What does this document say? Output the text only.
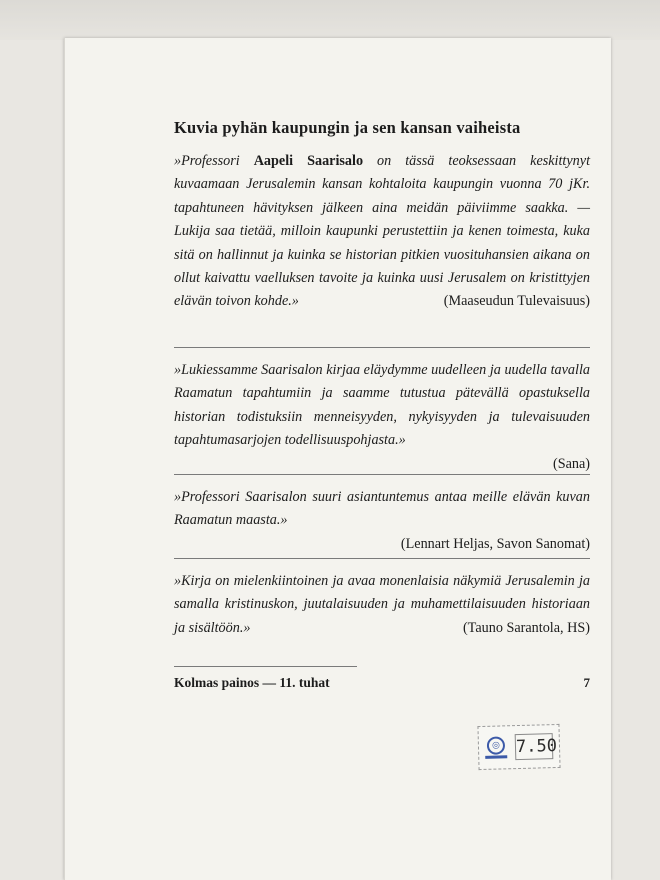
Kuvia pyhän kaupungin ja sen kansan vaiheista
»Professori Aapeli Saarisalo on tässä teoksessaan keskittynyt kuvaamaan Jerusalemin kansan kohtaloita kaupungin vuonna 70 jKr. tapahtuneen hävityksen jälkeen aina meidän päiviimme saakka. — Lukija saa tietää, milloin kaupunki perustettiin ja kenen toimesta, kuka sitä on hallinnut ja kuinka se historian pitkien vuosituhansien aikana on ollut kaivattu vaelluksen tavoite ja kuinka uusi Jerusalem on kristittyjen elävän toivon kohde.»	(Maaseudun Tulevaisuus)
»Lukiessamme Saarisalon kirjaa eläydymme uudelleen ja uudella tavalla Raamatun tapahtumiin ja saamme tutustua pätevällä opastuksella historian todistuksiin menneisyyden, nykyisyyden ja tulevaisuuden tapahtumasarjojen todellisuuspohjasta.»
(Sana)
»Professori Saarisalon suuri asiantuntemus antaa meille elävän kuvan Raamatun maasta.»
(Lennart Heljas, Savon Sanomat)
»Kirja on mielenkiintoinen ja avaa monenlaisia näkymiä Jerusalemin ja samalla kristinuskon, juutalaisuuden ja muhamettilaisuuden historiaan ja sisältöön.»	(Tauno Sarantola, HS)
Kolmas painos — 11. tuhat	7
◎ 7.50
